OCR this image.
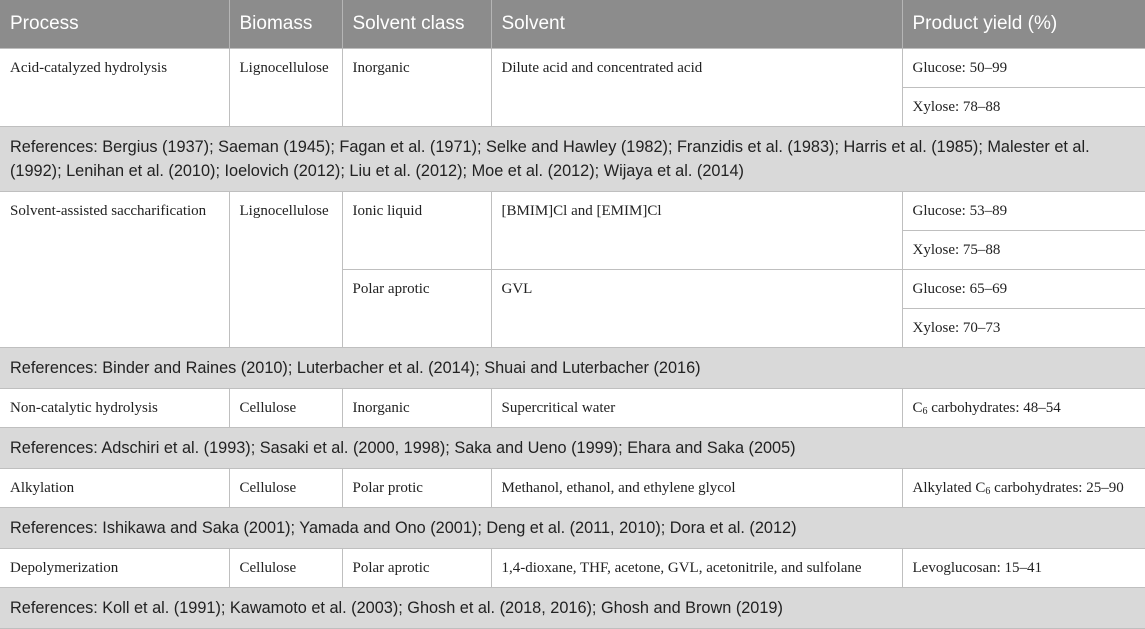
Process	Biomass	Solvent class	Solvent	Product yield (%)
Acid-catalyzed hydrolysis	Lignocellulose	Inorganic	Dilute acid and concentrated acid	Glucose: 50–99
				Xylose: 78–88
References: Bergius (1937); Saeman (1945); Fagan et al. (1971); Selke and Hawley (1982); Franzidis et al. (1983); Harris et al. (1985); Malester et al. (1992); Lenihan et al. (2010); Ioelovich (2012); Liu et al. (2012); Moe et al. (2012); Wijaya et al. (2014)				
Solvent-assisted saccharification	Lignocellulose	Ionic liquid	[BMIM]Cl and [EMIM]Cl	Glucose: 53–89
				Xylose: 75–88
		Polar aprotic	GVL	Glucose: 65–69
				Xylose: 70–73
References: Binder and Raines (2010); Luterbacher et al. (2014); Shuai and Luterbacher (2016)				
Non-catalytic hydrolysis	Cellulose	Inorganic	Supercritical water	$C_6$ carbohydrates: 48–54
References: Adschiri et al. (1993); Sasaki et al. (2000, 1998); Saka and Ueno (1999); Ehara and Saka (2005)				
Alkylation	Cellulose	Polar protic	Methanol, ethanol, and ethylene glycol	Alkylated $C_6$ carbohydrates: 25–90
References: Ishikawa and Saka (2001); Yamada and Ono (2001); Deng et al. (2011, 2010); Dora et al. (2012)				
Depolymerization	Cellulose	Polar aprotic	1,4-dioxane, THF, acetone, GVL, acetonitrile, and sulfolane	Levoglucosan: 15–41
References: Koll et al. (1991); Kawamoto et al. (2003); Ghosh et al. (2018, 2016); Ghosh and Brown (2019)				
